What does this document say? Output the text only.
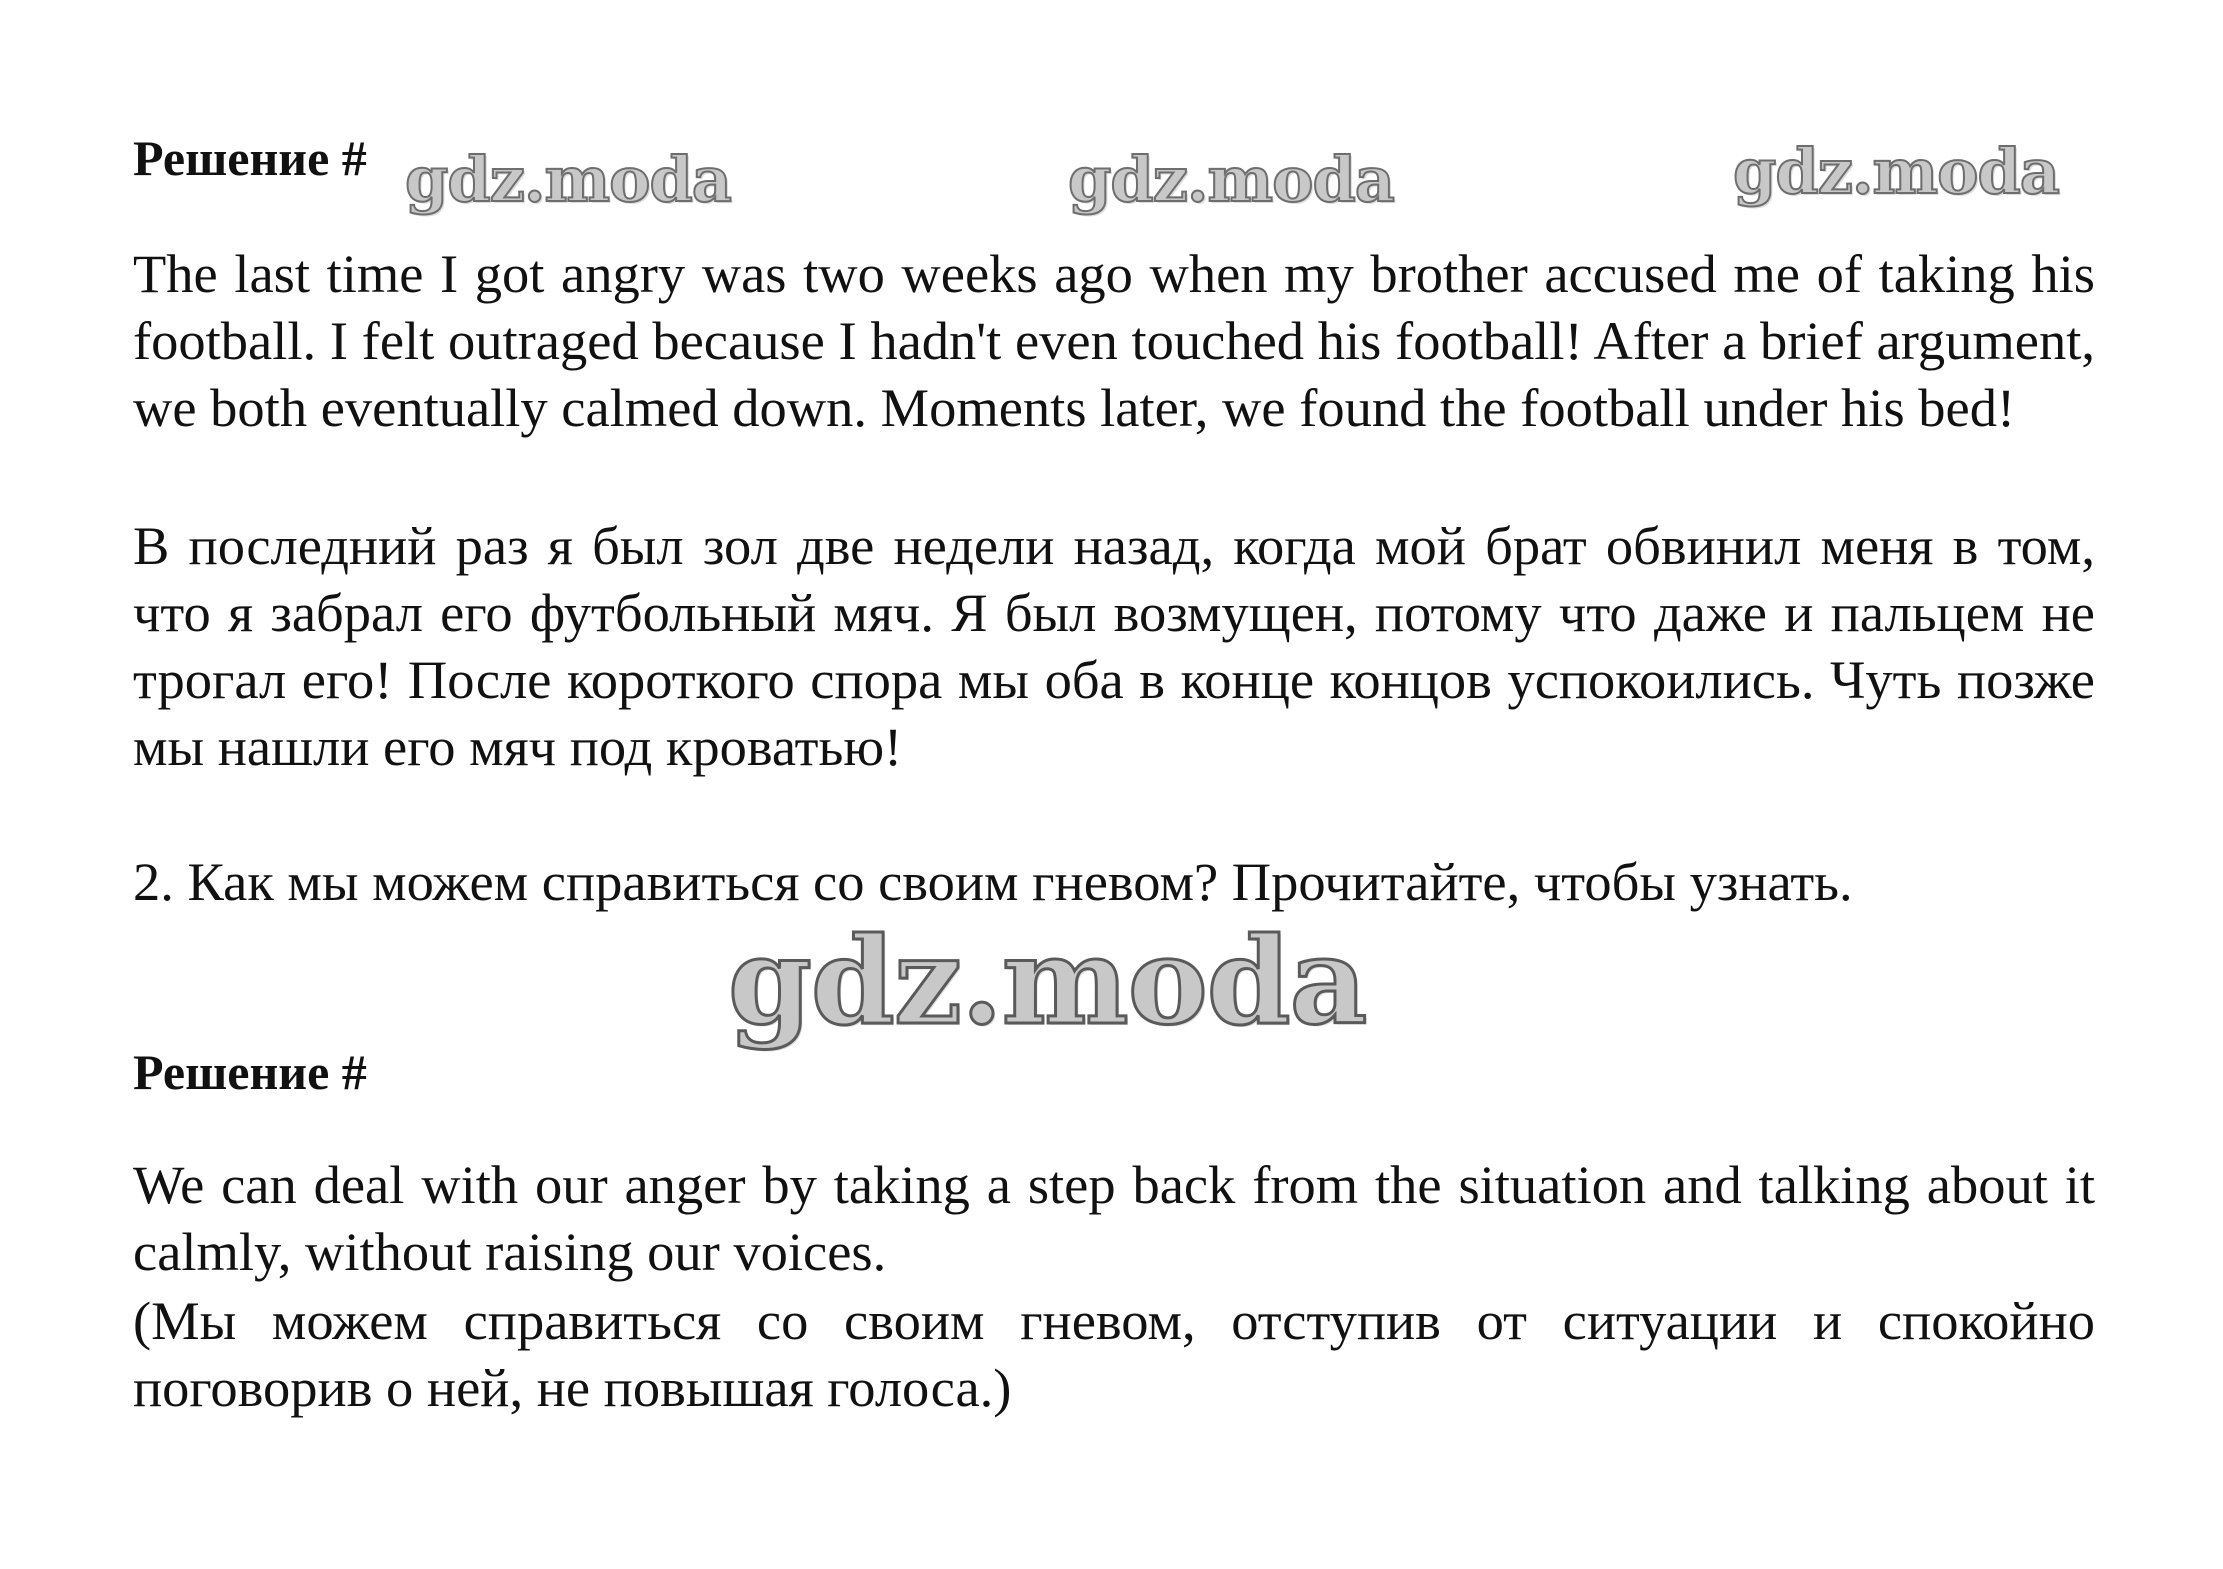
Решение # gdz.moda	gdz.moda	gdz.moda

The last time I got angry was two weeks ago when my brother accused me of taking his football. I felt outraged because I hadn't even touched his football! After a brief argument, we both eventually calmed down. Moments later, we found the football under his bed!

В последний раз я был зол две недели назад, когда мой брат обвинил меня в том, что я забрал его футбольный мяч. Я был возмущен, потому что даже и пальцем не трогал его! После короткого спора мы оба в конце концов успокоились. Чуть позже мы нашли его мяч под кроватью!

2. Как мы можем справиться со своим гневом? Прочитайте, чтобы узнать.
gdz.moda
Решение #

We can deal with our anger by taking a step back from the situation and talking about it calmly, without raising our voices.

(Мы можем справиться со своим гневом, отступив от ситуации и спокойно поговорив о ней, не повышая голоса.)
